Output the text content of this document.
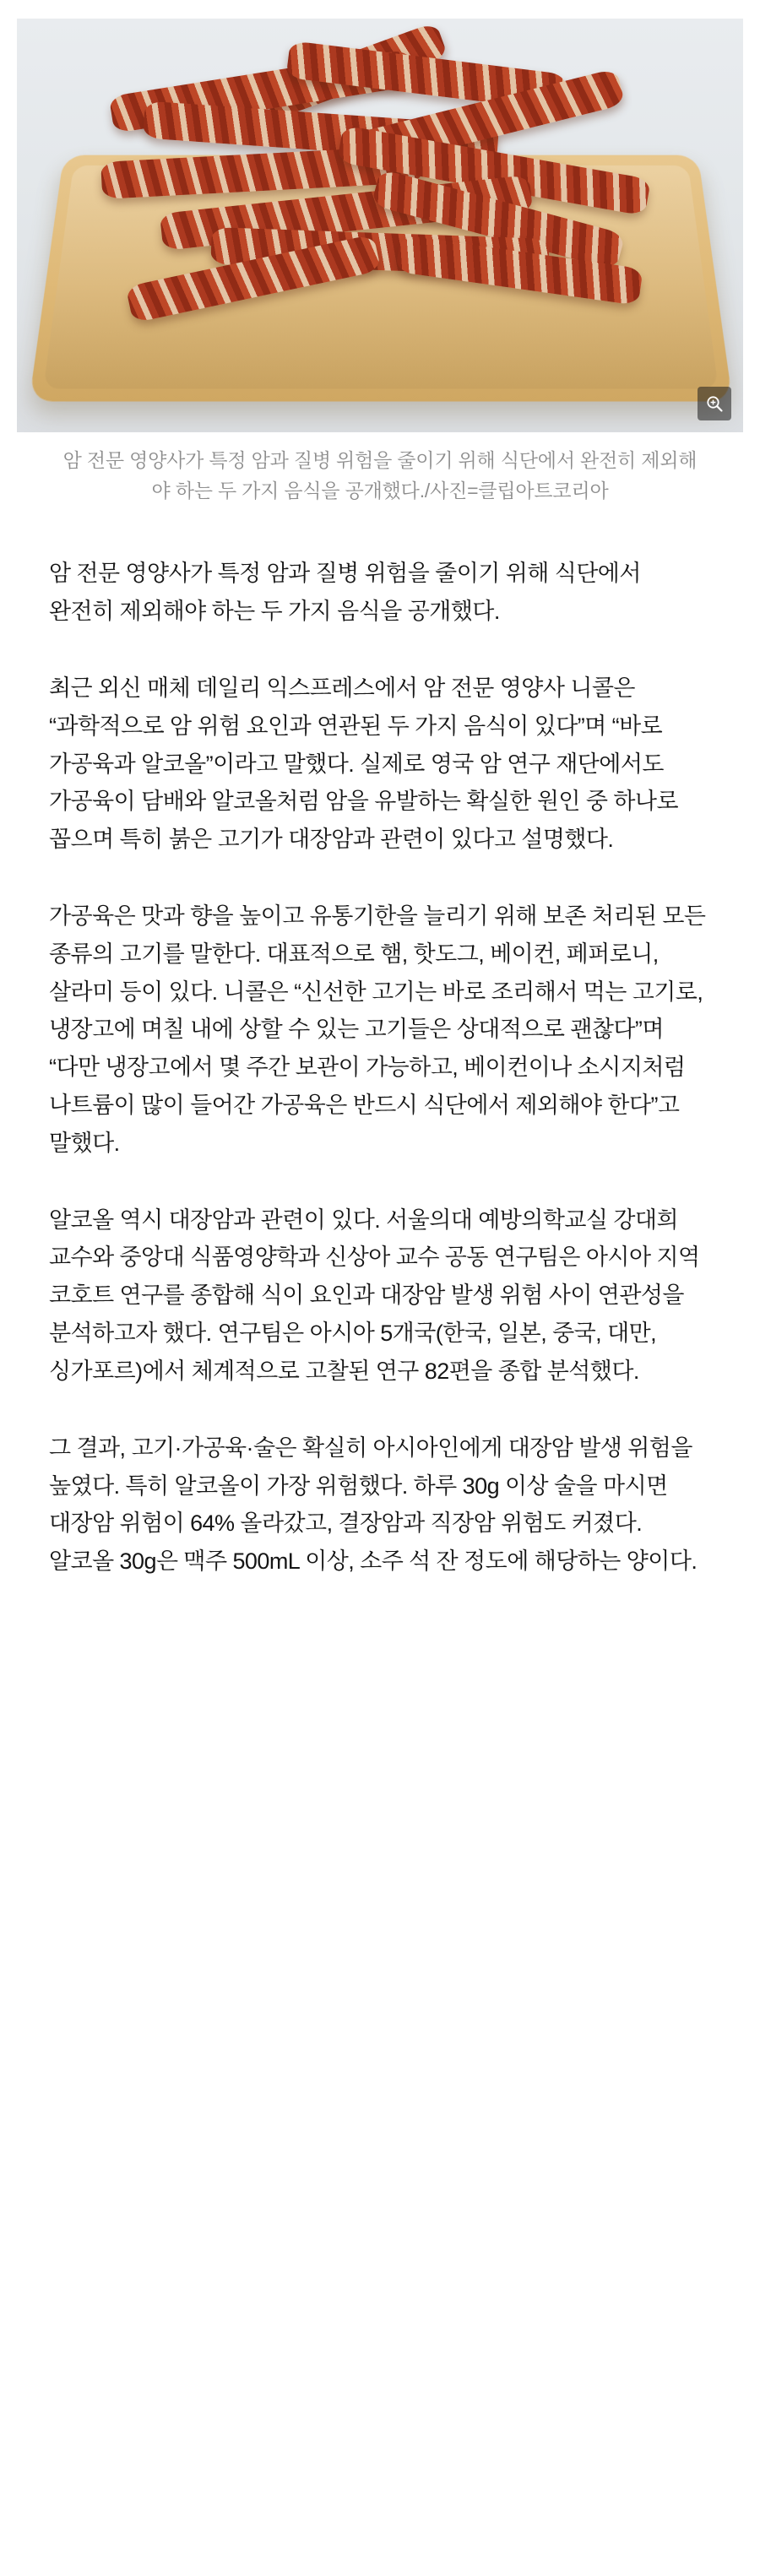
암 전문 영양사가 특정 암과 질병 위험을 줄이기 위해 식단에서 완전히 제외해야 하는 두 가지 음식을 공개했다./사진=클립아트코리아

암 전문 영양사가 특정 암과 질병 위험을 줄이기 위해 식단에서 완전히 제외해야 하는 두 가지 음식을 공개했다.

최근 외신 매체 데일리 익스프레스에서 암 전문 영양사 니콜은 “과학적으로 암 위험 요인과 연관된 두 가지 음식이 있다”며 “바로 가공육과 알코올”이라고 말했다. 실제로 영국 암 연구 재단에서도 가공육이 담배와 알코올처럼 암을 유발하는 확실한 원인 중 하나로 꼽으며 특히 붉은 고기가 대장암과 관련이 있다고 설명했다.

가공육은 맛과 향을 높이고 유통기한을 늘리기 위해 보존 처리된 모든 종류의 고기를 말한다. 대표적으로 햄, 핫도그, 베이컨, 페퍼로니, 살라미 등이 있다. 니콜은 “신선한 고기는 바로 조리해서 먹는 고기로, 냉장고에 며칠 내에 상할 수 있는 고기들은 상대적으로 괜찮다”며 “다만 냉장고에서 몇 주간 보관이 가능하고, 베이컨이나 소시지처럼 나트륨이 많이 들어간 가공육은 반드시 식단에서 제외해야 한다”고 말했다.

알코올 역시 대장암과 관련이 있다. 서울의대 예방의학교실 강대희 교수와 중앙대 식품영양학과 신상아 교수 공동 연구팀은 아시아 지역 코호트 연구를 종합해 식이 요인과 대장암 발생 위험 사이 연관성을 분석하고자 했다. 연구팀은 아시아 5개국(한국, 일본, 중국, 대만, 싱가포르)에서 체계적으로 고찰된 연구 82편을 종합 분석했다.

그 결과, 고기·가공육·술은 확실히 아시아인에게 대장암 발생 위험을 높였다. 특히 알코올이 가장 위험했다. 하루 30g 이상 술을 마시면 대장암 위험이 64% 올라갔고, 결장암과 직장암 위험도 커졌다. 알코올 30g은 맥주 500mL 이상, 소주 석 잔 정도에 해당하는 양이다.
